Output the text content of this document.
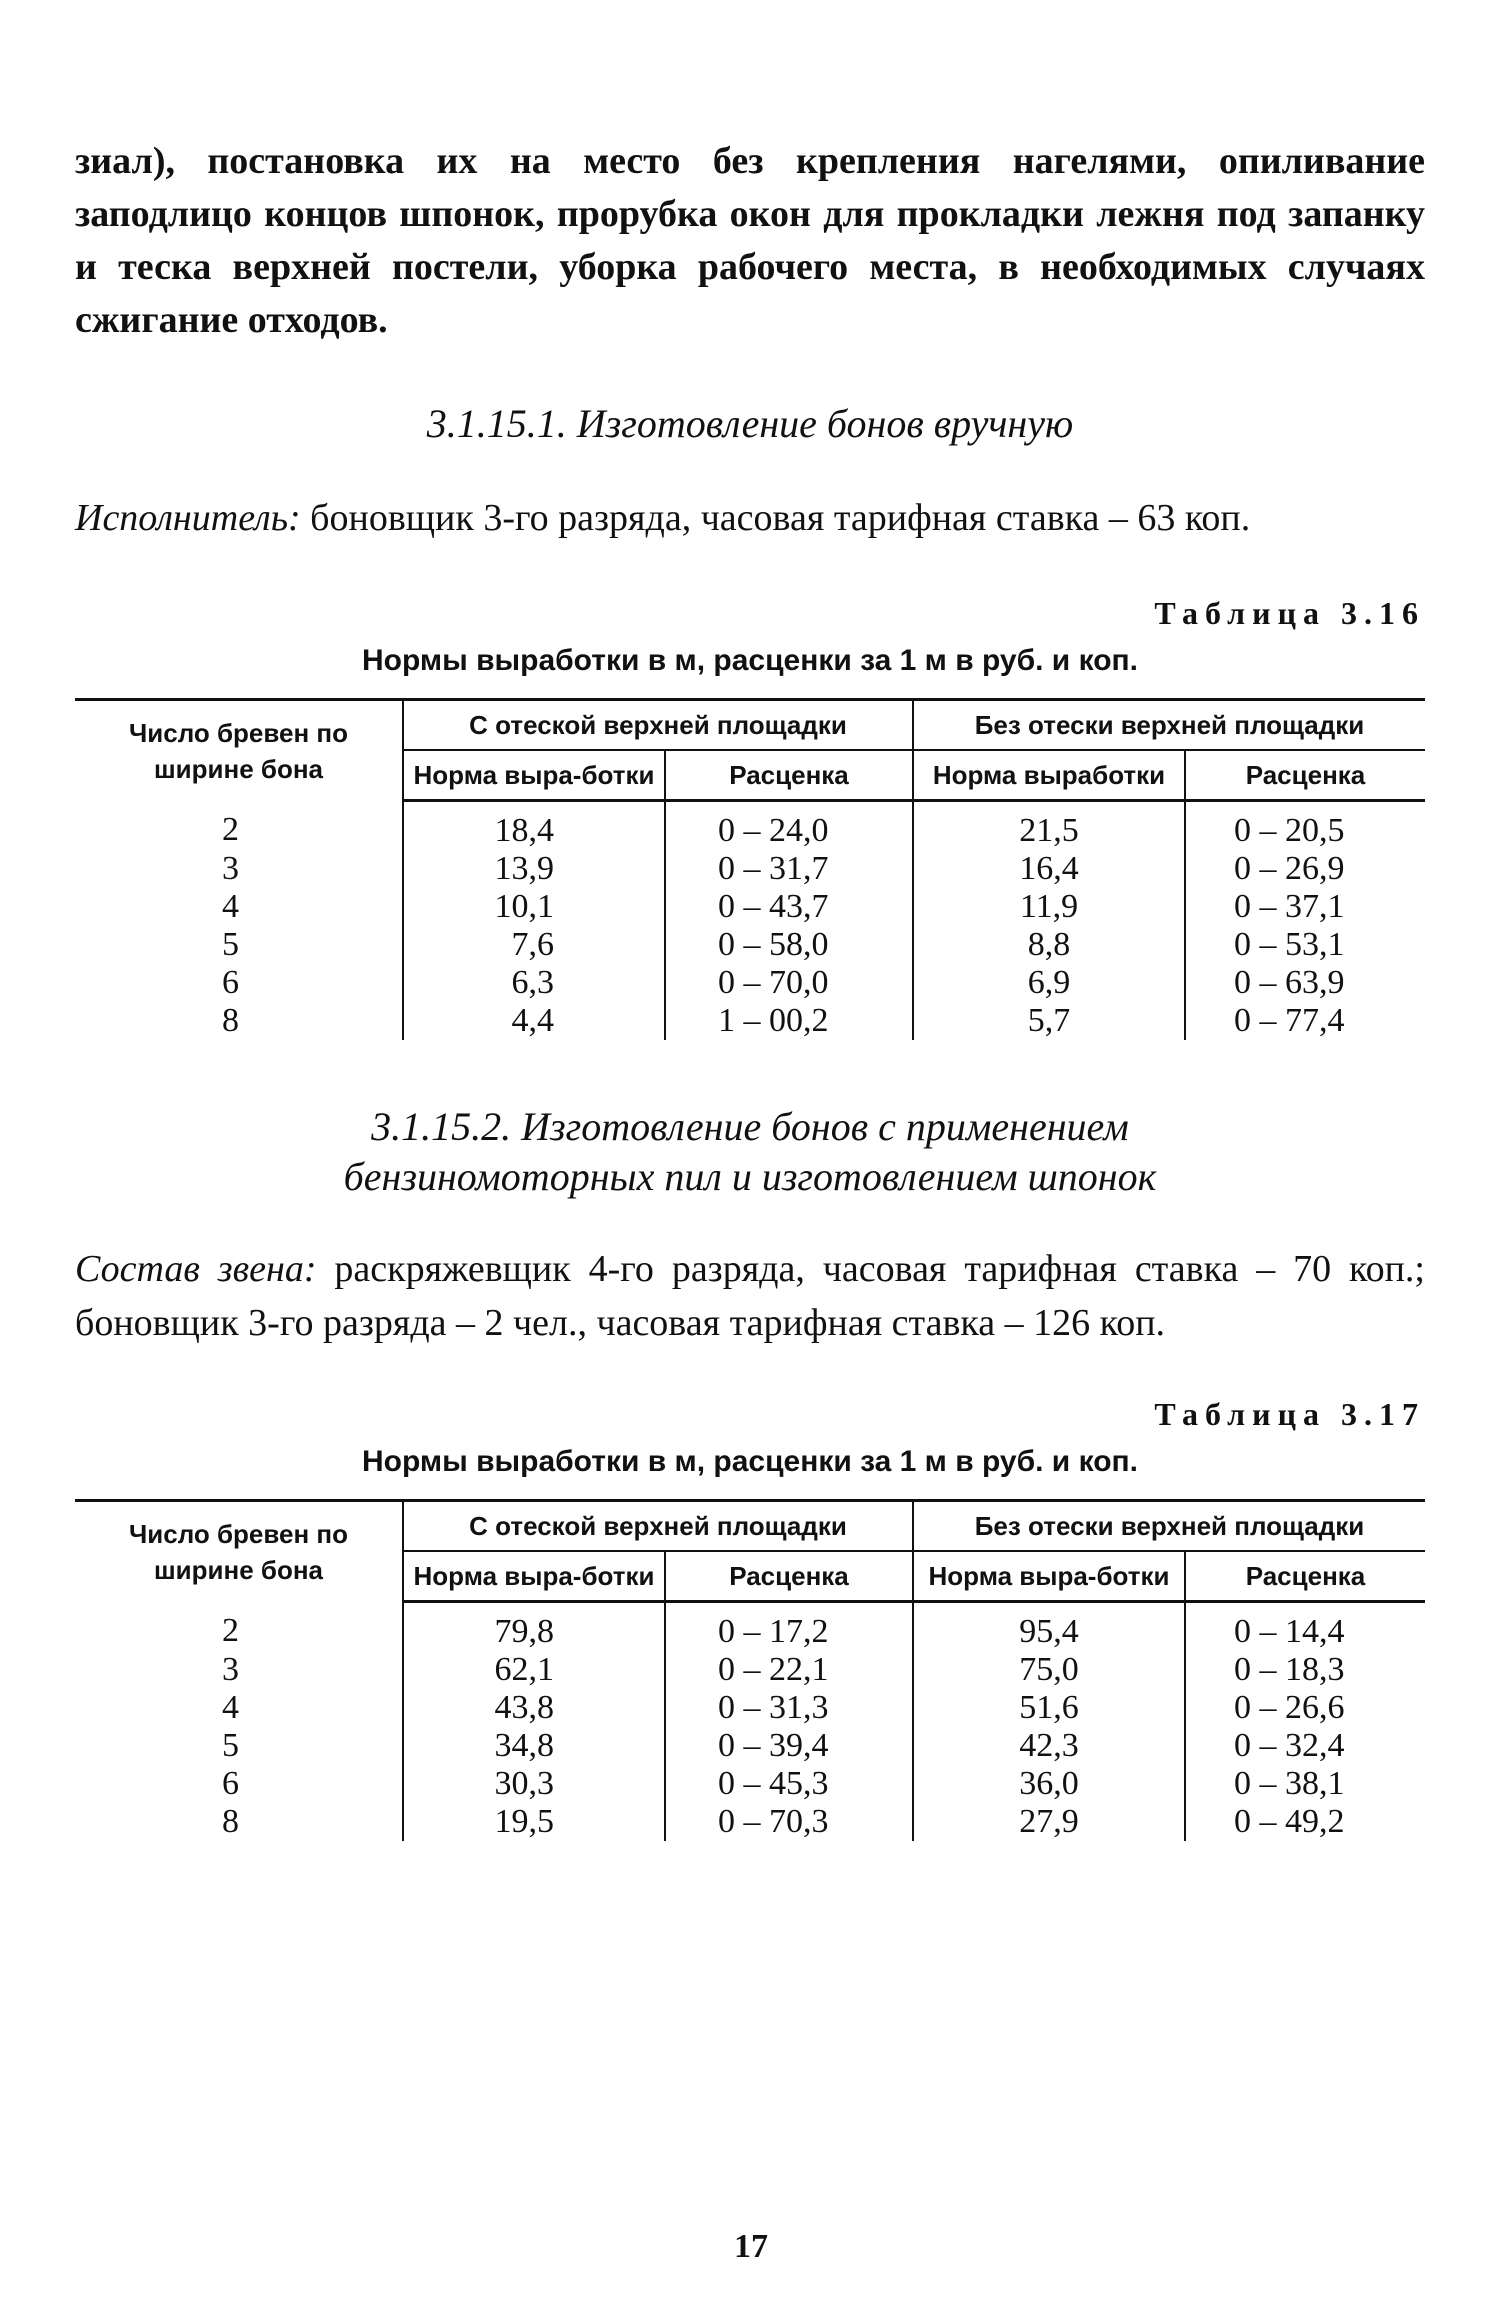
зиал), постановка их на место без крепления нагелями, опиливание заподлицо концов шпонок, прорубка окон для прокладки лежня под запанку и теска верхней постели, уборка рабочего места, в необходимых случаях сжигание отходов.

3.1.15.1. Изготовление бонов вручную

Исполнитель: боновщик 3-го разряда, часовая тарифная ставка – 63 коп.

Таблица 3.16

Нормы выработки в м, расценки за 1 м в руб. и коп.

Число бревен по ширине бона	С отеской верхней площадки		Без отески верхней площадки	
	Норма выра-ботки	Расценка	Норма выработки	Расценка
2	18,4	0 – 24,0	21,5	0 – 20,5
3	13,9	0 – 31,7	16,4	0 – 26,9
4	10,1	0 – 43,7	11,9	0 – 37,1
5	7,6	0 – 58,0	8,8	0 – 53,1
6	6,3	0 – 70,0	6,9	0 – 63,9
8	4,4	1 – 00,2	5,7	0 – 77,4

3.1.15.2. Изготовление бонов с применением

бензиномоторных пил и изготовлением шпонок

Состав звена: раскряжевщик 4-го разряда, часовая тарифная ставка – 70 коп.; боновщик 3-го разряда – 2 чел., часовая тарифная ставка – 126 коп.

Таблица 3.17

Нормы выработки в м, расценки за 1 м в руб. и коп.

Число бревен по ширине бона	С отеской верхней площадки		Без отески верхней площадки	
	Норма выра-ботки	Расценка	Норма выра-ботки	Расценка
2	79,8	0 – 17,2	95,4	0 – 14,4
3	62,1	0 – 22,1	75,0	0 – 18,3
4	43,8	0 – 31,3	51,6	0 – 26,6
5	34,8	0 – 39,4	42,3	0 – 32,4
6	30,3	0 – 45,3	36,0	0 – 38,1
8	19,5	0 – 70,3	27,9	0 – 49,2
17
